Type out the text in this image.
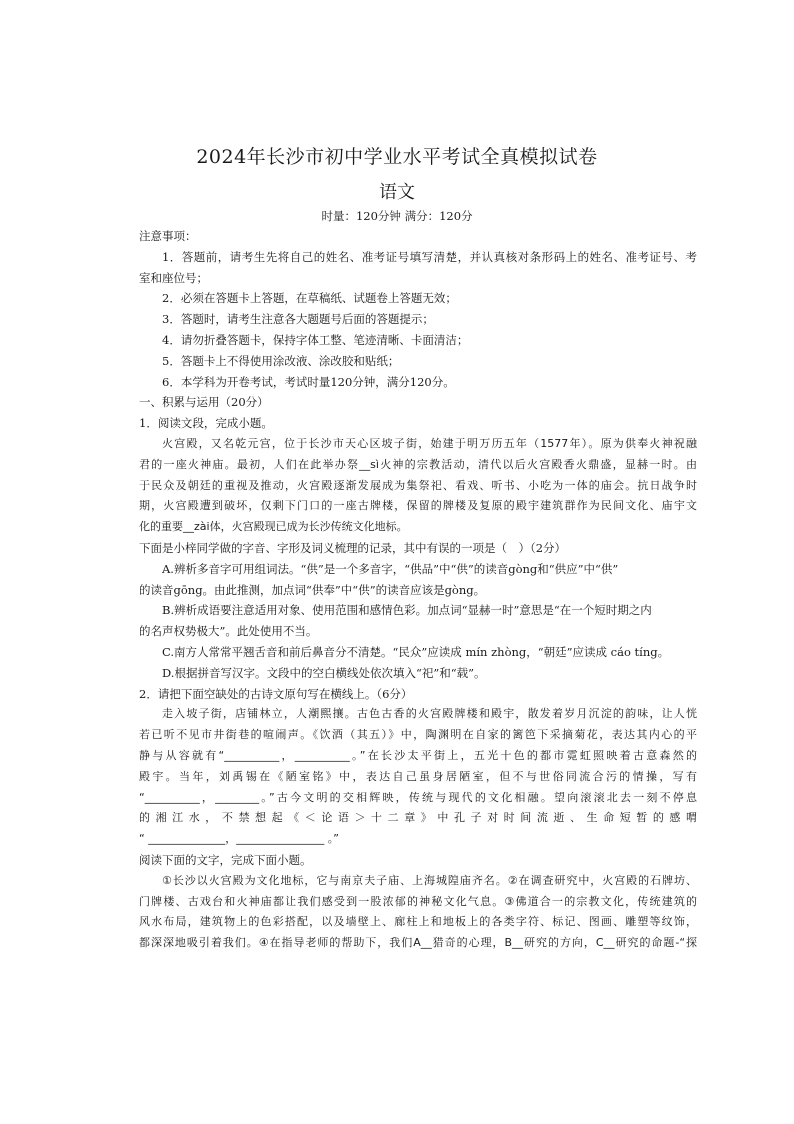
2024年长沙市初中学业水平考试全真模拟试卷
语文
时量：120分钟 满分：120分

注意事项：

1．答题前，请考生先将自己的姓名、准考证号填写清楚，并认真核对条形码上的姓名、准考证号、考

室和座位号；

2．必须在答题卡上答题，在草稿纸、试题卷上答题无效；

3．答题时，请考生注意各大题题号后面的答题提示；

4．请勿折叠答题卡，保持字体工整、笔迹清晰、卡面清洁；

5．答题卡上不得使用涂改液、涂改胶和贴纸；

6．本学科为开卷考试，考试时量120分钟，满分120分。

一、积累与运用（20分）

1．阅读文段，完成小题。

火宫殿，又名乾元宫，位于长沙市天心区坡子街，始建于明万历五年（1577年）。原为供奉火神祝融

君的一座火神庙。最初，人们在此举办祭__sì火神的宗教活动，清代以后火宫殿香火鼎盛，显赫一时。由

于民众及朝廷的重视及推动，火宫殿逐渐发展成为集祭祀、看戏、听书、小吃为一体的庙会。抗日战争时

期，火宫殿遭到破坏，仅剩下门口的一座古牌楼，保留的牌楼及复原的殿宇建筑群作为民间文化、庙宇文

化的重要__zài体，火宫殿现已成为长沙传统文化地标。

下面是小梓同学做的字音、字形及词义梳理的记录，其中有误的一项是（　）（2分）

A.辨析多音字可用组词法。“供”是一个多音字，“供品”中“供”的读音gòng和“供应”中“供”

的读音gōng。由此推测，加点词“供奉”中“供”的读音应该是gòng。

B.辨析成语要注意适用对象、使用范围和感情色彩。加点词“显赫一时”意思是“在一个短时期之内

的名声权势极大”。此处使用不当。

C.南方人常常平翘舌音和前后鼻音分不清楚。“民众”应读成 mín zhòng，“朝廷”应读成 cáo tíng。

D.根据拼音写汉字。文段中的空白横线处依次填入“祀”和“载”。

2．请把下面空缺处的古诗文原句写在横线上。（6分）

走入坡子街，店铺林立，人潮熙攘。古色古香的火宫殿牌楼和殿宇，散发着岁月沉淀的韵味，让人恍

若已听不见市井街巷的喧闹声。《饮酒（其五）》中，陶渊明在自家的篱笆下采摘菊花，表达其内心的平

静与从容就有“__________，__________。”在长沙太平街上，五光十色的都市霓虹照映着古意森然的

殿宇。当年，刘禹锡在《陋室铭》中，表达自己虽身居陋室，但不与世俗同流合污的情操，写有

“__________，________。”古今文明的交相辉映，传统与现代的文化相融。望向滚滚北去一刻不停息

的湘江水，不禁想起《＜论语＞十二章》中孔子对时间流逝、生命短暂的感喟

“ ______________，________________ 。”

阅读下面的文字，完成下面小题。

①长沙以火宫殿为文化地标，它与南京夫子庙、上海城隍庙齐名。②在调查研究中，火宫殿的石牌坊、

门牌楼、古戏台和火神庙都让我们感受到一股浓郁的神秘文化气息。③佛道合一的宗教文化，传统建筑的

风水布局，建筑物上的色彩搭配，以及墙壁上、廊柱上和地板上的各类字符、标记、图画、雕塑等纹饰，

都深深地吸引着我们。④在指导老师的帮助下，我们A__猎奇的心理，B__研究的方向，C__研究的命题-“探
